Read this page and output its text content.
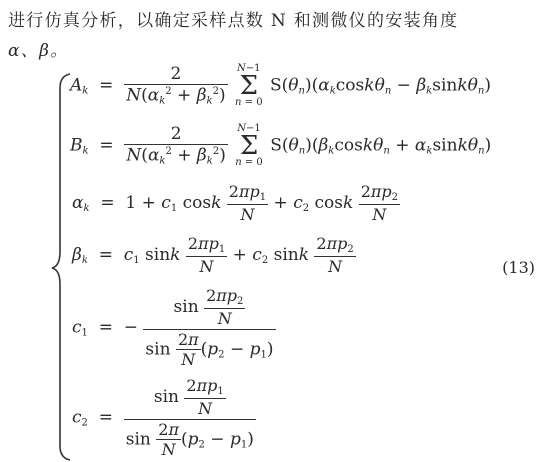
进行仿真分析，以确定采样点数 N 和测微仪的安装角度
α、β。
$A_k = \frac{2}{N(\alpha_k^2 + \beta_k^2)} N-1$
Σ
n = 0 $S(\theta_n)(\alpha_k\cos k\theta_n - \beta_k\sin k\theta_n)$
$B_k = \frac{2}{N(\alpha_k^2 + \beta_k^2)} N-1$
Σ
n = 0 $S(\theta_n)(\beta_k\cos k\theta_n + \alpha_k\sin k\theta_n)$
$\alpha_k = 1 + c_1$ cosk $\frac{2\pi p_1}{N} + c_2$ cosk $\frac{2\pi p_2}{N}$
$\beta_k = c_1$ sink $\frac{2\pi p_1}{N} + c_2$ sink $\frac{2\pi p_2}{N}$
$c_1$  =  − $\frac{\sin \frac{2\pi p_2}{N}}{\sin \frac{2\pi}{N} (p_2 - p_1)}$
$c_2 = \frac{\sin \frac{2\pi p_1}{N}}{\sin \frac{2\pi}{N} (p_2 - p_1)}$
(13)
